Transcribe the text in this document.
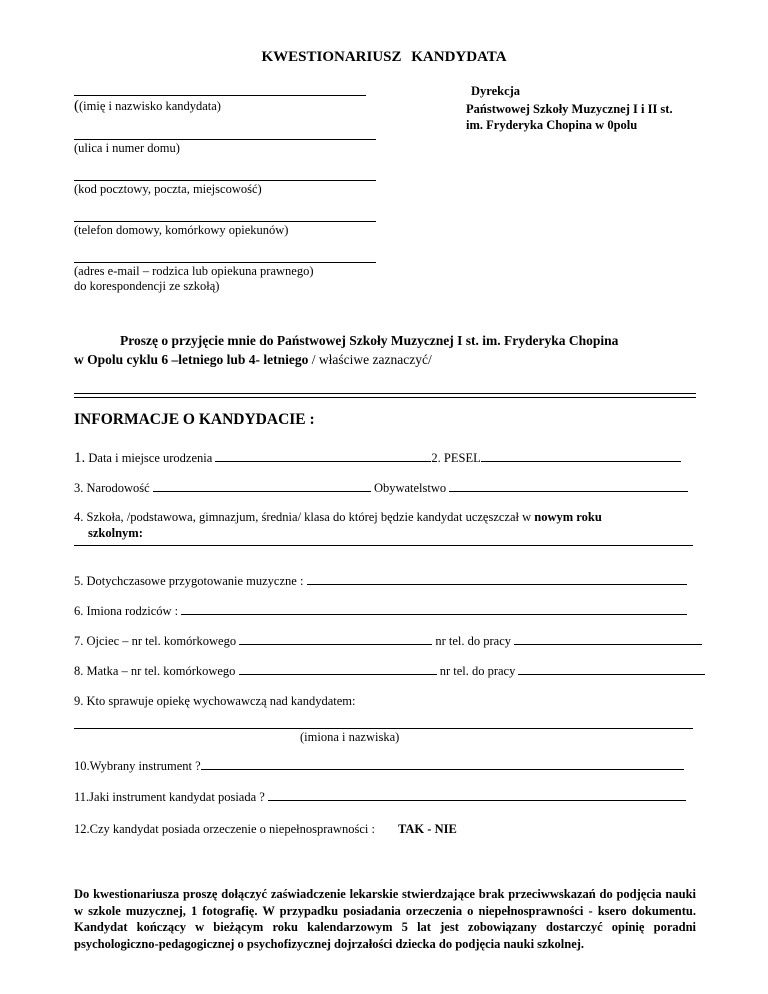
KWESTIONARIUSZ KANDYDATA
Dyrekcja
Państwowej Szkoły Muzycznej I i II st.
im. Fryderyka Chopina w 0polu
((imię i nazwisko kandydata)
(ulica i numer domu)
(kod pocztowy, poczta, miejscowość)
(telefon domowy, komórkowy opiekunów)
(adres e-mail – rodzica lub opiekuna prawnego)
do korespondencji ze szkołą)
Proszę o przyjęcie mnie do Państwowej Szkoły Muzycznej I st. im. Fryderyka Chopina
w Opolu cyklu 6 –letniego lub 4- letniego / właściwe zaznaczyć/
INFORMACJE O KANDYDACIE :
1. Data i miejsce urodzenia	2. PESEL
3. Narodowość	Obywatelstwo
4. Szkoła, /podstawowa, gimnazjum, średnia/ klasa do której będzie kandydat uczęszczał w nowym roku
szkolnym:
5. Dotychczasowe przygotowanie muzyczne :
6. Imiona rodziców :
7. Ojciec – nr tel. komórkowego	nr tel. do pracy
8. Matka – nr tel. komórkowego	nr tel. do pracy
9. Kto sprawuje opiekę wychowawczą nad kandydatem:
(imiona i nazwiska)
10.Wybrany instrument ?
11.Jaki instrument kandydat posiada ?
12.Czy kandydat posiada orzeczenie o niepełnosprawności : TAK - NIE
Do kwestionariusza proszę dołączyć zaświadczenie lekarskie stwierdzające brak przeciwwskazań do podjęcia nauki w szkole muzycznej, 1 fotografię. W przypadku posiadania orzeczenia o niepełnosprawności - ksero dokumentu. Kandydat kończący w bieżącym roku kalendarzowym 5 lat jest zobowiązany dostarczyć opinię poradni psychologiczno-pedagogicznej o psychofizycznej dojrzałości dziecka do podjęcia nauki szkolnej.
